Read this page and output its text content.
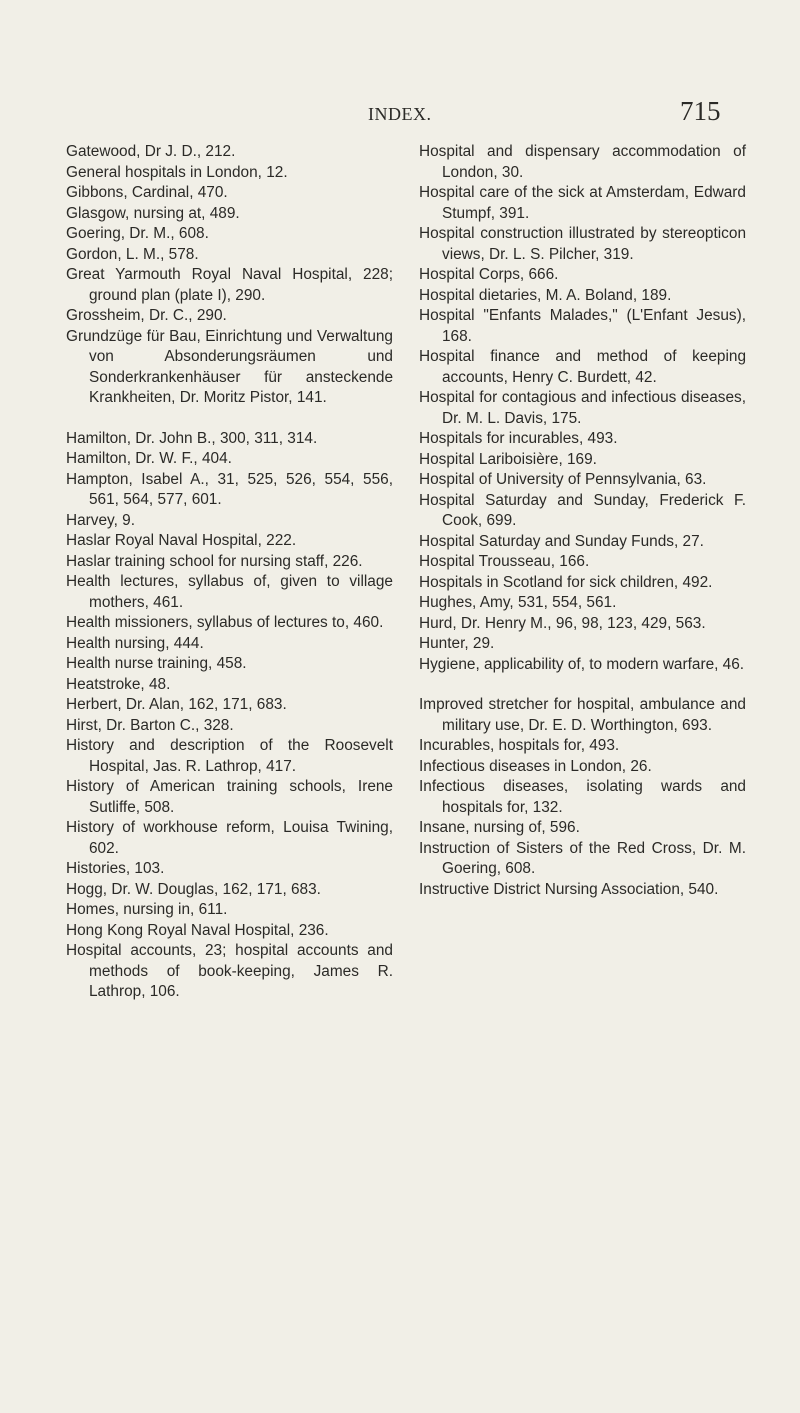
INDEX.	715
Gatewood, Dr J. D., 212.
General hospitals in London, 12.
Gibbons, Cardinal, 470.
Glasgow, nursing at, 489.
Goering, Dr. M., 608.
Gordon, L. M., 578.
Great Yarmouth Royal Naval Hospital, 228; ground plan (plate I), 290.
Grossheim, Dr. C., 290.
Grundzüge für Bau, Einrichtung und Verwaltung von Absonderungsräumen und Sonderkrankenhäuser für ansteckende Krankheiten, Dr. Moritz Pistor, 141.
Hamilton, Dr. John B., 300, 311, 314.
Hamilton, Dr. W. F., 404.
Hampton, Isabel A., 31, 525, 526, 554, 556, 561, 564, 577, 601.
Harvey, 9.
Haslar Royal Naval Hospital, 222.
Haslar training school for nursing staff, 226.
Health lectures, syllabus of, given to village mothers, 461.
Health missioners, syllabus of lectures to, 460.
Health nursing, 444.
Health nurse training, 458.
Heatstroke, 48.
Herbert, Dr. Alan, 162, 171, 683.
Hirst, Dr. Barton C., 328.
History and description of the Roosevelt Hospital, Jas. R. Lathrop, 417.
History of American training schools, Irene Sutliffe, 508.
History of workhouse reform, Louisa Twining, 602.
Histories, 103.
Hogg, Dr. W. Douglas, 162, 171, 683.
Homes, nursing in, 611.
Hong Kong Royal Naval Hospital, 236.
Hospital accounts, 23; hospital accounts and methods of book-keeping, James R. Lathrop, 106.
Hospital and dispensary accommodation of London, 30.
Hospital care of the sick at Amsterdam, Edward Stumpf, 391.
Hospital construction illustrated by stereopticon views, Dr. L. S. Pilcher, 319.
Hospital Corps, 666.
Hospital dietaries, M. A. Boland, 189.
Hospital "Enfants Malades," (L'Enfant Jesus), 168.
Hospital finance and method of keeping accounts, Henry C. Burdett, 42.
Hospital for contagious and infectious diseases, Dr. M. L. Davis, 175.
Hospitals for incurables, 493.
Hospital Lariboisière, 169.
Hospital of University of Pennsylvania, 63.
Hospital Saturday and Sunday, Frederick F. Cook, 699.
Hospital Saturday and Sunday Funds, 27.
Hospital Trousseau, 166.
Hospitals in Scotland for sick children, 492.
Hughes, Amy, 531, 554, 561.
Hurd, Dr. Henry M., 96, 98, 123, 429, 563.
Hunter, 29.
Hygiene, applicability of, to modern warfare, 46.
Improved stretcher for hospital, ambulance and military use, Dr. E. D. Worthington, 693.
Incurables, hospitals for, 493.
Infectious diseases in London, 26.
Infectious diseases, isolating wards and hospitals for, 132.
Insane, nursing of, 596.
Instruction of Sisters of the Red Cross, Dr. M. Goering, 608.
Instructive District Nursing Association, 540.
